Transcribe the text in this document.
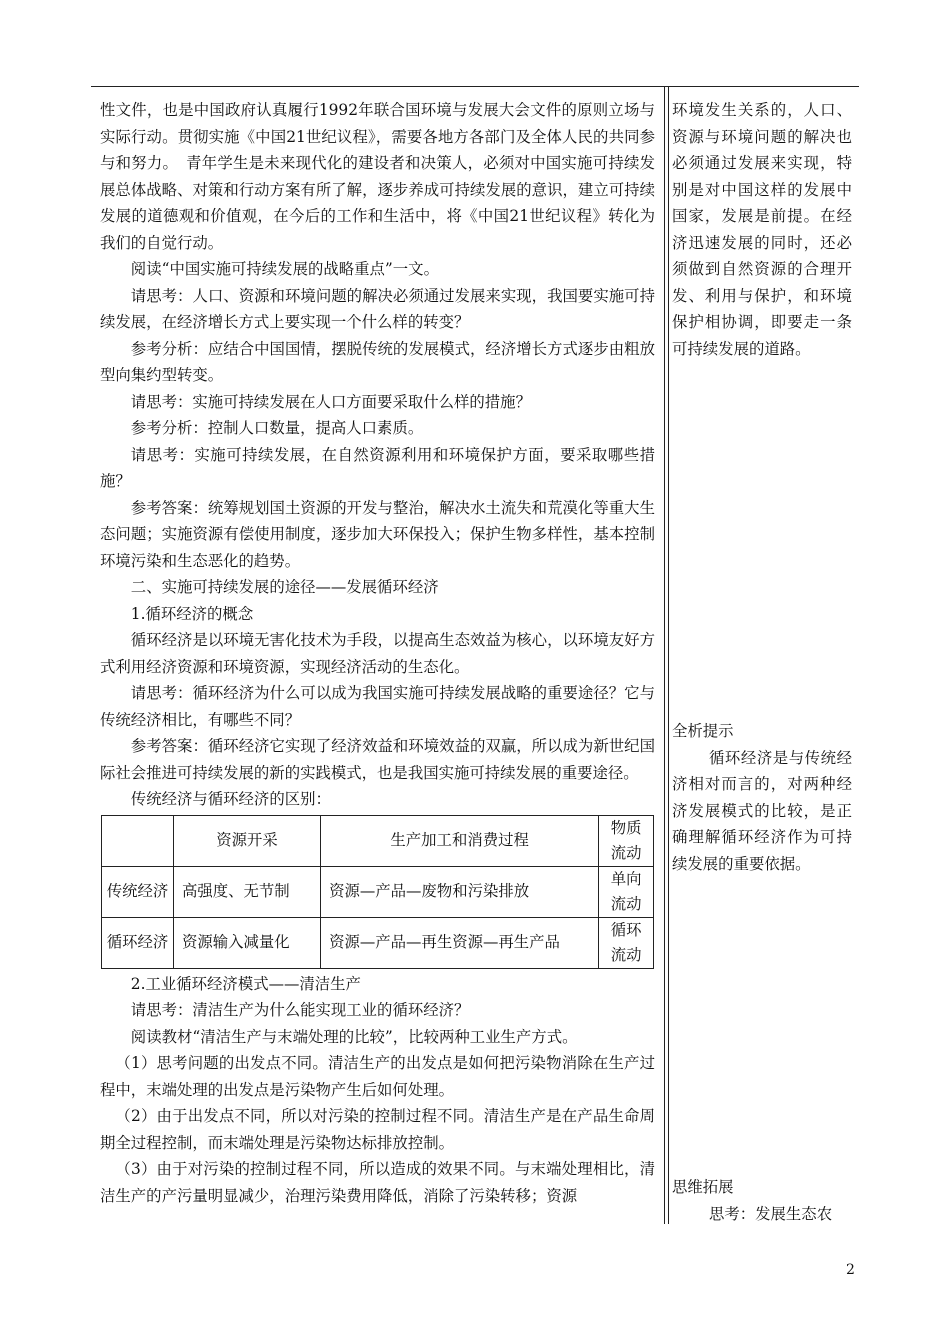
性文件，也是中国政府认真履行1992年联合国环境与发展大会文件的原则立场与实际行动。贯彻实施《中国21世纪议程》，需要各地方各部门及全体人民的共同参与和努力。　青年学生是未来现代化的建设者和决策人，必须对中国实施可持续发展总体战略、对策和行动方案有所了解，逐步养成可持续发展的意识，建立可持续发展的道德观和价值观，在今后的工作和生活中，将《中国21世纪议程》转化为我们的自觉行动。

阅读“中国实施可持续发展的战略重点”一文。

请思考：人口、资源和环境问题的解决必须通过发展来实现，我国要实施可持续发展，在经济增长方式上要实现一个什么样的转变？

参考分析：应结合中国国情，摆脱传统的发展模式，经济增长方式逐步由粗放型向集约型转变。

请思考：实施可持续发展在人口方面要采取什么样的措施？

参考分析：控制人口数量，提高人口素质。

请思考：实施可持续发展，在自然资源利用和环境保护方面，要采取哪些措施？

参考答案：统筹规划国土资源的开发与整治，解决水土流失和荒漠化等重大生态问题；实施资源有偿使用制度，逐步加大环保投入；保护生物多样性，基本控制环境污染和生态恶化的趋势。

二、实施可持续发展的途径——发展循环经济

1.循环经济的概念

循环经济是以环境无害化技术为手段，以提高生态效益为核心，以环境友好方式利用经济资源和环境资源，实现经济活动的生态化。

请思考：循环经济为什么可以成为我国实施可持续发展战略的重要途径？它与传统经济相比，有哪些不同？

参考答案：循环经济它实现了经济效益和环境效益的双赢，所以成为新世纪国际社会推进可持续发展的新的实践模式，也是我国实施可持续发展的重要途径。

传统经济与循环经济的区别：

	资源开采	生产加工和消费过程	物质流动
传统经济	高强度、无节制	资源—产品—废物和污染排放	单向流动
循环经济	资源输入减量化	资源—产品—再生资源—再生产品	循环流动

2.工业循环经济模式——清洁生产

请思考：清洁生产为什么能实现工业的循环经济？

阅读教材“清洁生产与末端处理的比较”，比较两种工业生产方式。

（1）思考问题的出发点不同。清洁生产的出发点是如何把污染物消除在生产过程中，末端处理的出发点是污染物产生后如何处理。

（2）由于出发点不同，所以对污染的控制过程不同。清洁生产是在产品生命周期全过程控制，而末端处理是污染物达标排放控制。

（3）由于对污染的控制过程不同，所以造成的效果不同。与末端处理相比，清洁生产的产污量明显减少，治理污染费用降低，消除了污染转移；资源

环境发生关系的，人口、资源与环境问题的解决也必须通过发展来实现，特别是对中国这样的发展中国家，发展是前提。在经济迅速发展的同时，还必须做到自然资源的合理开发、利用与保护，和环境保护相协调，即要走一条可持续发展的道路。

全析提示

循环经济是与传统经济相对而言的，对两种经济发展模式的比较，是正确理解循环经济作为可持续发展的重要依据。

思维拓展

思考：发展生态农

2
